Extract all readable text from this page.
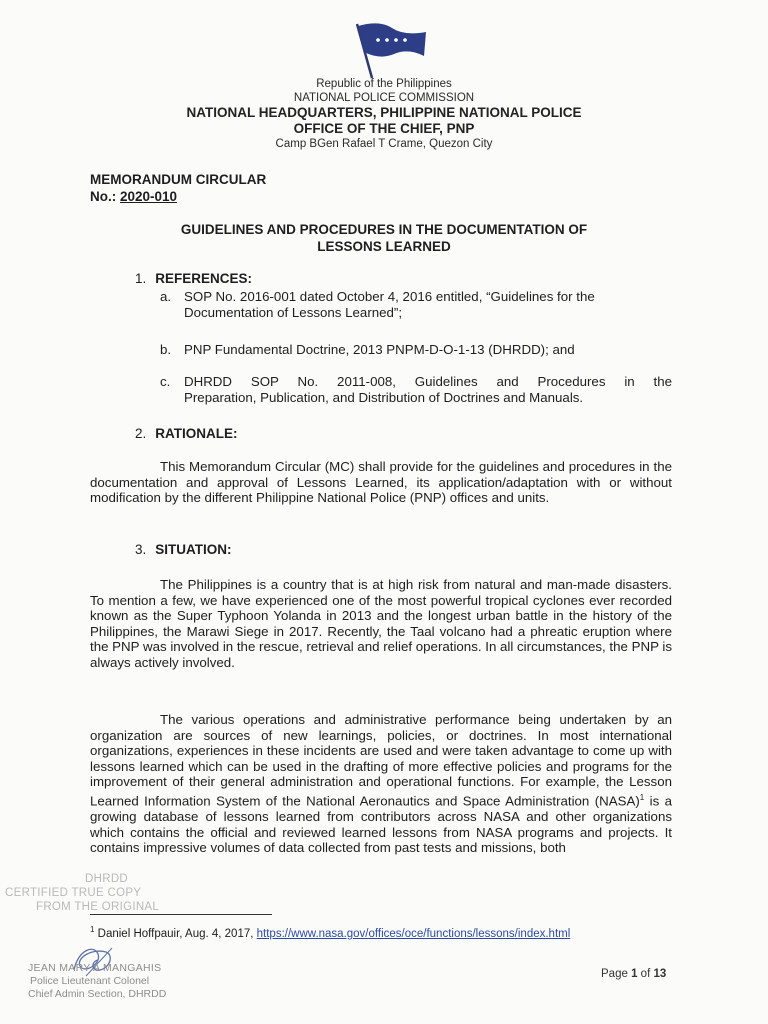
Republic of the Philippines
NATIONAL POLICE COMMISSION
NATIONAL HEADQUARTERS, PHILIPPINE NATIONAL POLICE
OFFICE OF THE CHIEF, PNP
Camp BGen Rafael T Crame, Quezon City
MEMORANDUM CIRCULAR
No.: 2020-010
GUIDELINES AND PROCEDURES IN THE DOCUMENTATION OF
LESSONS LEARNED
1. REFERENCES:
a. SOP No. 2016-001 dated October 4, 2016 entitled, “Guidelines for the
Documentation of Lessons Learned”;
b. PNP Fundamental Doctrine, 2013 PNPM-D-O-1-13 (DHRDD); and
c. DHRDD SOP No. 2011-008, Guidelines and Procedures in the
Preparation, Publication, and Distribution of Doctrines and Manuals.
2. RATIONALE:
This Memorandum Circular (MC) shall provide for the guidelines and procedures in the documentation and approval of Lessons Learned, its application/adaptation with or without modification by the different Philippine National Police (PNP) offices and units.
3. SITUATION:
The Philippines is a country that is at high risk from natural and man-made disasters. To mention a few, we have experienced one of the most powerful tropical cyclones ever recorded known as the Super Typhoon Yolanda in 2013 and the longest urban battle in the history of the Philippines, the Marawi Siege in 2017. Recently, the Taal volcano had a phreatic eruption where the PNP was involved in the rescue, retrieval and relief operations. In all circumstances, the PNP is always actively involved.
The various operations and administrative performance being undertaken by an organization are sources of new learnings, policies, or doctrines. In most international organizations, experiences in these incidents are used and were taken advantage to come up with lessons learned which can be used in the drafting of more effective policies and programs for the improvement of their general administration and operational functions. For example, the Lesson Learned Information System of the National Aeronautics and Space Administration (NASA)$^1$ is a growing database of lessons learned from contributors across NASA and other organizations which contains the official and reviewed learned lessons from NASA programs and projects. It contains impressive volumes of data collected from past tests and missions, both
DHRDD
CERTIFIED TRUE COPY
FROM THE ORIGINAL
$^1$ Daniel Hoffpauir, Aug. 4, 2017, https://www.nasa.gov/offices/oce/functions/lessons/index.html
JEAN MARY A MANGAHIS
Police Lieutenant Colonel
Chief Admin Section, DHRDD
Page 1 of 13
